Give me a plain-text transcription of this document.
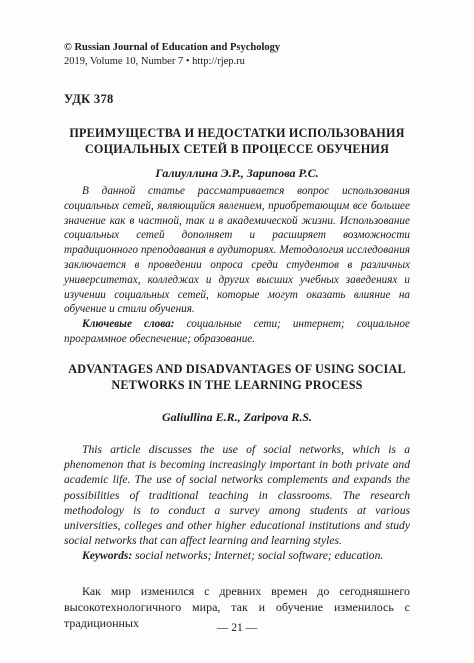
© Russian Journal of Education and Psychology
2019, Volume 10, Number 7 • http://rjep.ru
УДК 378
ПРЕИМУЩЕСТВА И НЕДОСТАТКИ ИСПОЛЬЗОВАНИЯ
СОЦИАЛЬНЫХ СЕТЕЙ В ПРОЦЕССЕ ОБУЧЕНИЯ
Галиуллина Э.Р., Зарипова Р.С.

В данной статье рассматривается вопрос использования социальных сетей, являющийся явлением, приобретающим все большее значение как в частной, так и в академической жизни. Использование социальных сетей дополняет и расширяет возможности традиционного преподавания в аудиториях. Методология исследования заключается в проведении опроса среди студентов в различных университетах, колледжах и других высших учебных заведениях и изучении социальных сетей, которые могут оказать влияние на обучение и стили обучения.

Ключевые слова: социальные сети; интернет; социальное программное обеспечение; образование.

ADVANTAGES AND DISADVANTAGES OF USING SOCIAL
NETWORKS IN THE LEARNING PROCESS
Galiullina E.R., Zaripova R.S.

This article discusses the use of social networks, which is a phenomenon that is becoming increasingly important in both private and academic life. The use of social networks complements and expands the possibilities of traditional teaching in classrooms. The research methodology is to conduct a survey among students at various universities, colleges and other higher educational institutions and study social networks that can affect learning and learning styles.

Keywords: social networks; Internet; social software; education.

Как мир изменился с древних времен до сегодняшнего высокотехнологичного мира, так и обучение изменилось с традиционных	— 21 —
